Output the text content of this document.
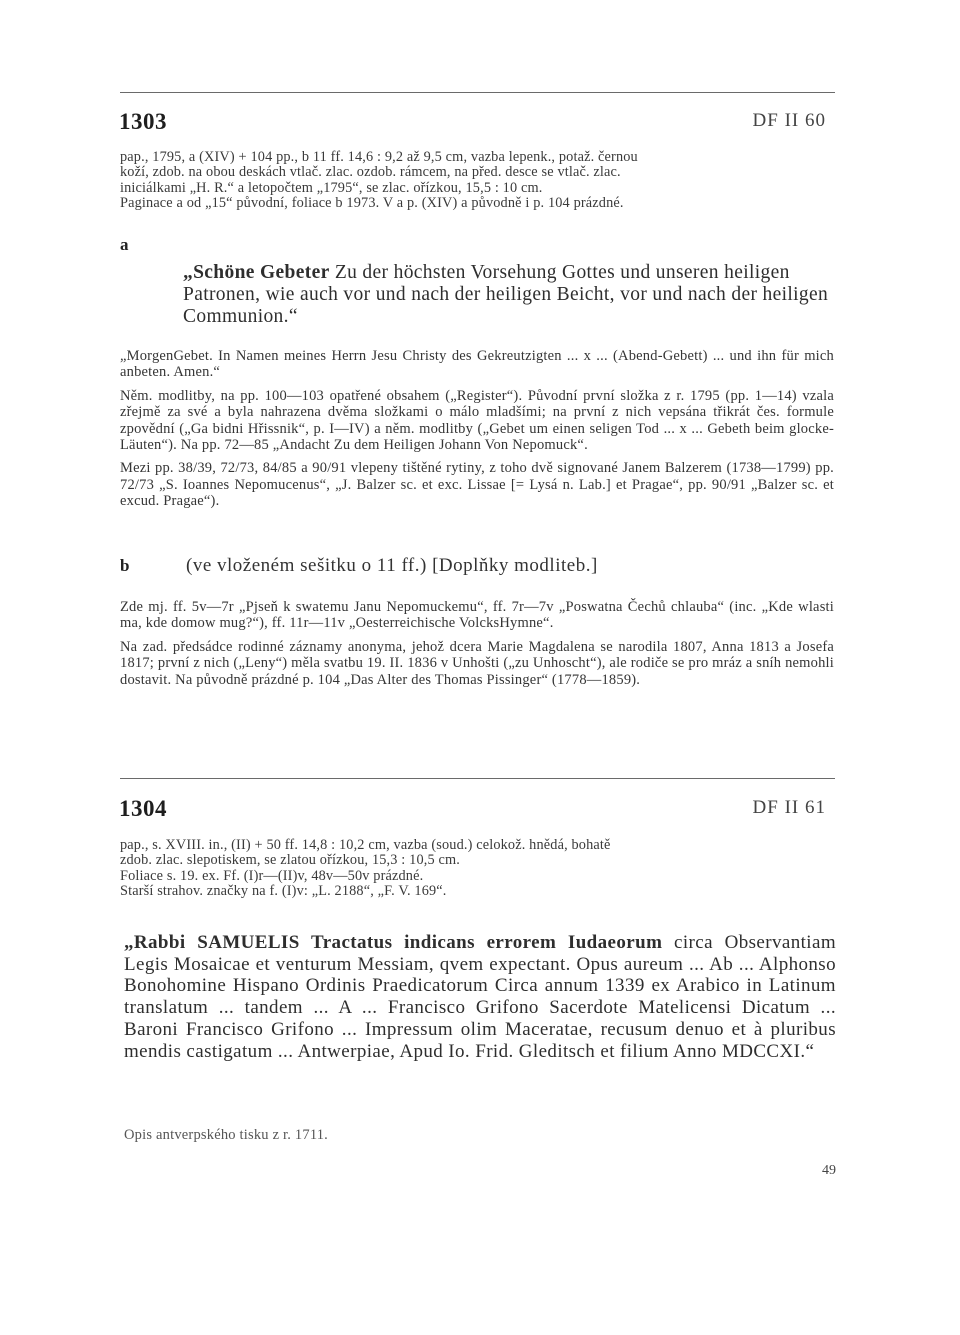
1303	DF II 60
pap., 1795, a (XIV) + 104 pp., b 11 ff. 14,6 : 9,2 až 9,5 cm, vazba lepenk., potaž. černou
koží, zdob. na obou deskách vtlač. zlac. ozdob. rámcem, na před. desce se vtlač. zlac.
iniciálkami „H. R.“ a letopočtem „1795“, se zlac. ořízkou, 15,5 : 10 cm.
Paginace a od „15“ původní, foliace b 1973. V a p. (XIV) a původně i p. 104 prázdné.
a
„Schöne Gebeter Zu der höchsten Vorsehung Gottes und unseren heiligen Patronen, wie auch vor und nach der heiligen Beicht, vor und nach der heiligen Communion.“

„MorgenGebet. In Namen meines Herrn Jesu Christy des Gekreutzigten ... x ... (Abend-Gebett) ... und ihn für mich anbeten. Amen.“

Něm. modlitby, na pp. 100—103 opatřené obsahem („Register“). Původní první složka z r. 1795 (pp. 1—14) vzala zřejmě za své a byla nahrazena dvěma složkami o málo mladšími; na první z nich vepsána třikrát čes. formule zpovědní („Ga bidni Hřissnik“, p. I—IV) a něm. modlitby („Gebet um einen seligen Tod ... x ... Gebeth beim glocke-Läuten“). Na pp. 72—85 „Andacht Zu dem Heiligen Johann Von Nepomuck“.

Mezi pp. 38/39, 72/73, 84/85 a 90/91 vlepeny tištěné rytiny, z toho dvě signované Janem Balzerem (1738—1799) pp. 72/73 „S. Ioannes Nepomucenus“, „J. Balzer sc. et exc. Lissae [= Lysá n. Lab.] et Pragae“, pp. 90/91 „Balzer sc. et excud. Pragae“).

b	(ve vloženém sešitku o 11 ff.) [Doplňky modliteb.]

Zde mj. ff. 5v—7r „Pjseň k swatemu Janu Nepomuckemu“, ff. 7r—7v „Poswatna Čechů chlauba“ (inc. „Kde wlasti ma, kde domow mug?“), ff. 11r—11v „Oesterreichische VolcksHymne“.

Na zad. předsádce rodinné záznamy anonyma, jehož dcera Marie Magdalena se narodila 1807, Anna 1813 a Josefa 1817; první z nich („Leny“) měla svatbu 19. II. 1836 v Unhošti („zu Unhoscht“), ale rodiče se pro mráz a sníh nemohli dostavit. Na původně prázdné p. 104 „Das Alter des Thomas Pissinger“ (1778—1859).

1304	DF II 61
pap., s. XVIII. in., (II) + 50 ff. 14,8 : 10,2 cm, vazba (soud.) celokož. hnědá, bohatě
zdob. zlac. slepotiskem, se zlatou ořízkou, 15,3 : 10,5 cm.
Foliace s. 19. ex. Ff. (I)r—(II)v, 48v—50v prázdné.
Starší strahov. značky na f. (I)v: „L. 2188“, „F. V. 169“.
„Rabbi SAMUELIS Tractatus indicans errorem Iudaeorum circa Observantiam Legis Mosaicae et venturum Messiam, qvem expectant. Opus aureum ... Ab ... Alphonso Bonohomine Hispano Ordinis Praedicatorum Circa annum 1339 ex Arabico in Latinum translatum ... tandem ... A ... Francisco Grifono Sacerdote Matelicensi Dicatum ... Baroni Francisco Grifono ... Impressum olim Maceratae, recusum denuo et à pluribus mendis castigatum ... Antwerpiae, Apud Io. Frid. Gleditsch et filium Anno MDCCXI.“
Opis antverpského tisku z r. 1711.
49
